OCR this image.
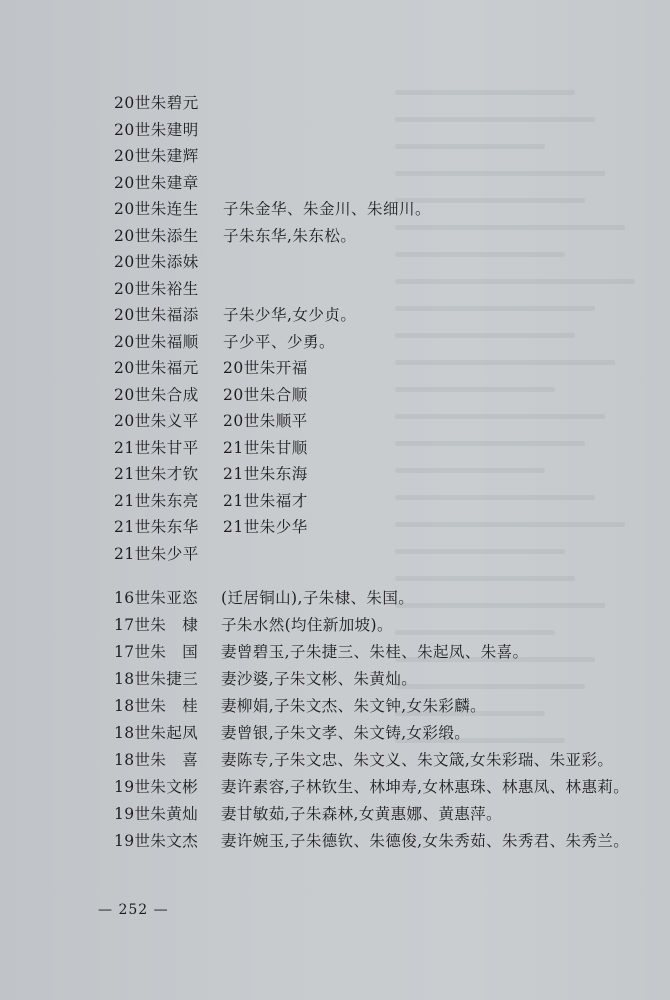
20世朱碧元
20世朱建明
20世朱建辉
20世朱建章
20世朱连生	子朱金华、朱金川、朱细川。
20世朱添生	子朱东华,朱东松。
20世朱添妹
20世朱裕生
20世朱福添	子朱少华,女少贞。
20世朱福顺	子少平、少勇。
20世朱福元	20世朱开福
20世朱合成	20世朱合顺
20世朱义平	20世朱顺平
21世朱甘平	21世朱甘顺
21世朱才钦	21世朱东海
21世朱东亮	21世朱福才
21世朱东华	21世朱少华
21世朱少平
16世朱亚恣	(迁居铜山),子朱棣、朱国。
17世朱　棣	子朱水然(均住新加坡)。
17世朱　国	妻曾碧玉,子朱捷三、朱桂、朱起凤、朱喜。
18世朱捷三	妻沙婆,子朱文彬、朱黄灿。
18世朱　桂	妻柳娟,子朱文杰、朱文钟,女朱彩麟。
18世朱起凤	妻曾银,子朱文孝、朱文铸,女彩缎。
18世朱　喜	妻陈专,子朱文忠、朱文义、朱文箴,女朱彩瑞、朱亚彩。
19世朱文彬	妻许素容,子林钦生、林坤寿,女林惠珠、林惠凤、林惠莉。
19世朱黄灿	妻甘敏茹,子朱森林,女黄惠娜、黄惠萍。
19世朱文杰	妻许婉玉,子朱德钦、朱德俊,女朱秀茹、朱秀君、朱秀兰。
— 252 —
